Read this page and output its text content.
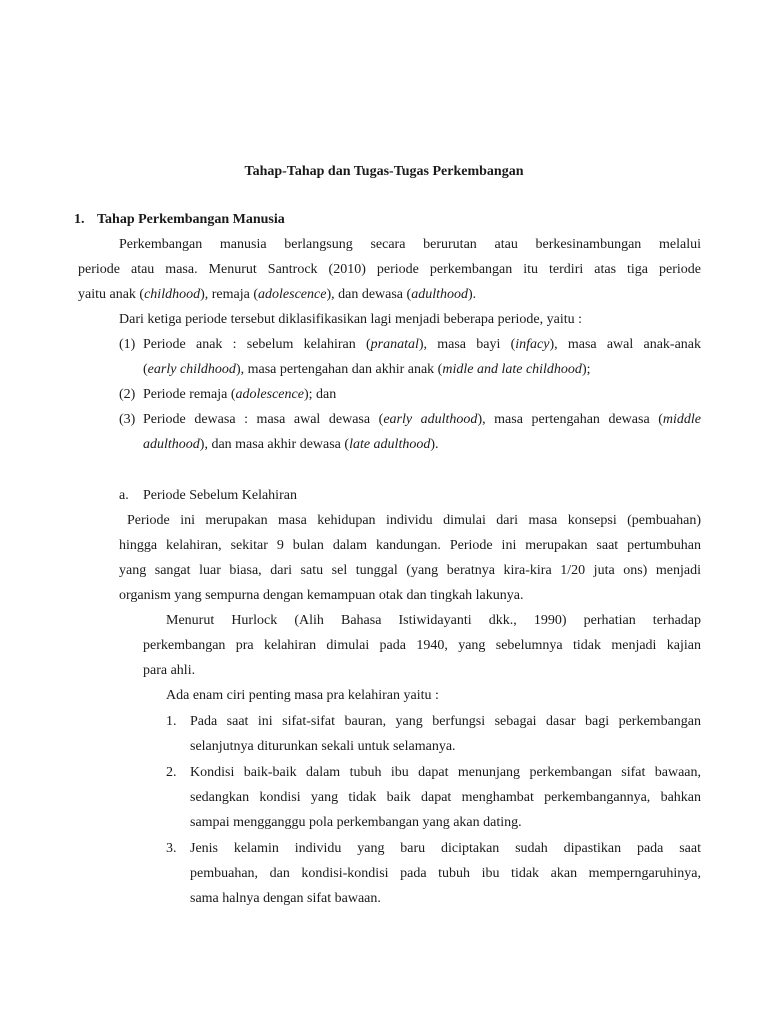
Tahap-Tahap dan Tugas-Tugas Perkembangan
1. Tahap Perkembangan Manusia
Perkembangan manusia berlangsung secara berurutan atau berkesinambungan melalui
periode atau masa. Menurut Santrock (2010) periode perkembangan itu terdiri atas tiga periode
yaitu anak (childhood), remaja (adolescence), dan dewasa (adulthood).
Dari ketiga periode tersebut diklasifikasikan lagi menjadi beberapa periode, yaitu :
(1) Periode anak : sebelum kelahiran (pranatal), masa bayi (infacy), masa awal anak-anak
(early childhood), masa pertengahan dan akhir anak (midle and late childhood);
(2) Periode remaja (adolescence); dan
(3) Periode dewasa : masa awal dewasa (early adulthood), masa pertengahan dewasa (middle
adulthood), dan masa akhir dewasa (late adulthood).
a. Periode Sebelum Kelahiran
Periode ini merupakan masa kehidupan individu dimulai dari masa konsepsi (pembuahan)
hingga kelahiran, sekitar 9 bulan dalam kandungan. Periode ini merupakan saat pertumbuhan
yang sangat luar biasa, dari satu sel tunggal (yang beratnya kira-kira 1/20 juta ons) menjadi
organism yang sempurna dengan kemampuan otak dan tingkah lakunya.
Menurut Hurlock (Alih Bahasa Istiwidayanti dkk., 1990) perhatian terhadap
perkembangan pra kelahiran dimulai pada 1940, yang sebelumnya tidak menjadi kajian
para ahli.
Ada enam ciri penting masa pra kelahiran yaitu :
1. Pada saat ini sifat-sifat bauran, yang berfungsi sebagai dasar bagi perkembangan
selanjutnya diturunkan sekali untuk selamanya.
2. Kondisi baik-baik dalam tubuh ibu dapat menunjang perkembangan sifat bawaan,
sedangkan kondisi yang tidak baik dapat menghambat perkembangannya, bahkan
sampai mengganggu pola perkembangan yang akan dating.
3. Jenis kelamin individu yang baru diciptakan sudah dipastikan pada saat
pembuahan, dan kondisi-kondisi pada tubuh ibu tidak akan memperngaruhinya,
sama halnya dengan sifat bawaan.
